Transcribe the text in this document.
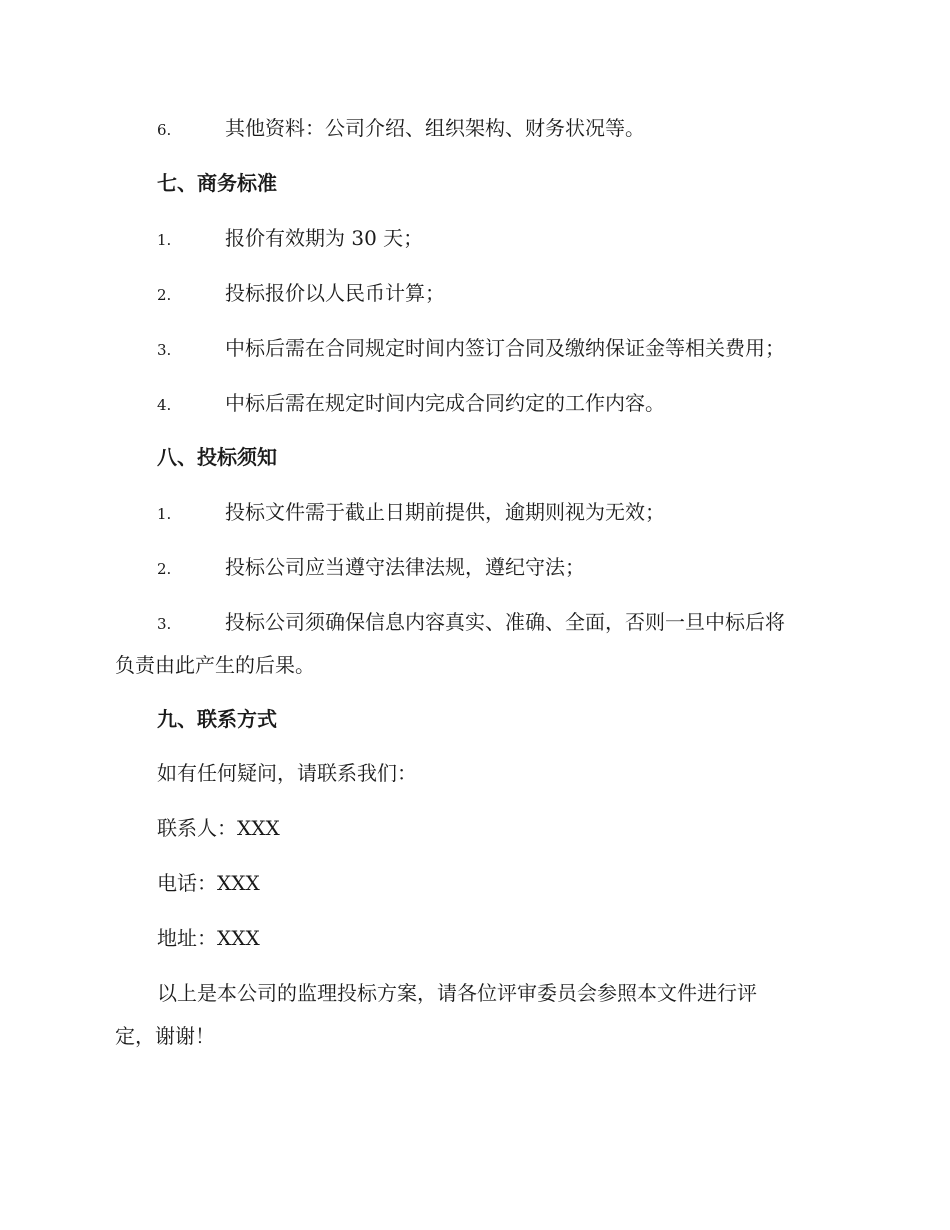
6.	其他资料：公司介绍、组织架构、财务状况等。
七、商务标准
1.	报价有效期为 30 天；
2.	投标报价以人民币计算；
3.	中标后需在合同规定时间内签订合同及缴纳保证金等相关费用；
4.	中标后需在规定时间内完成合同约定的工作内容。
八、投标须知
1.	投标文件需于截止日期前提供，逾期则视为无效；
2.	投标公司应当遵守法律法规，遵纪守法；
3.	投标公司须确保信息内容真实、准确、全面，否则一旦中标后将
负责由此产生的后果。
九、联系方式
如有任何疑问，请联系我们：
联系人：XXX
电话：XXX
地址：XXX
以上是本公司的监理投标方案，请各位评审委员会参照本文件进行评
定，谢谢！
